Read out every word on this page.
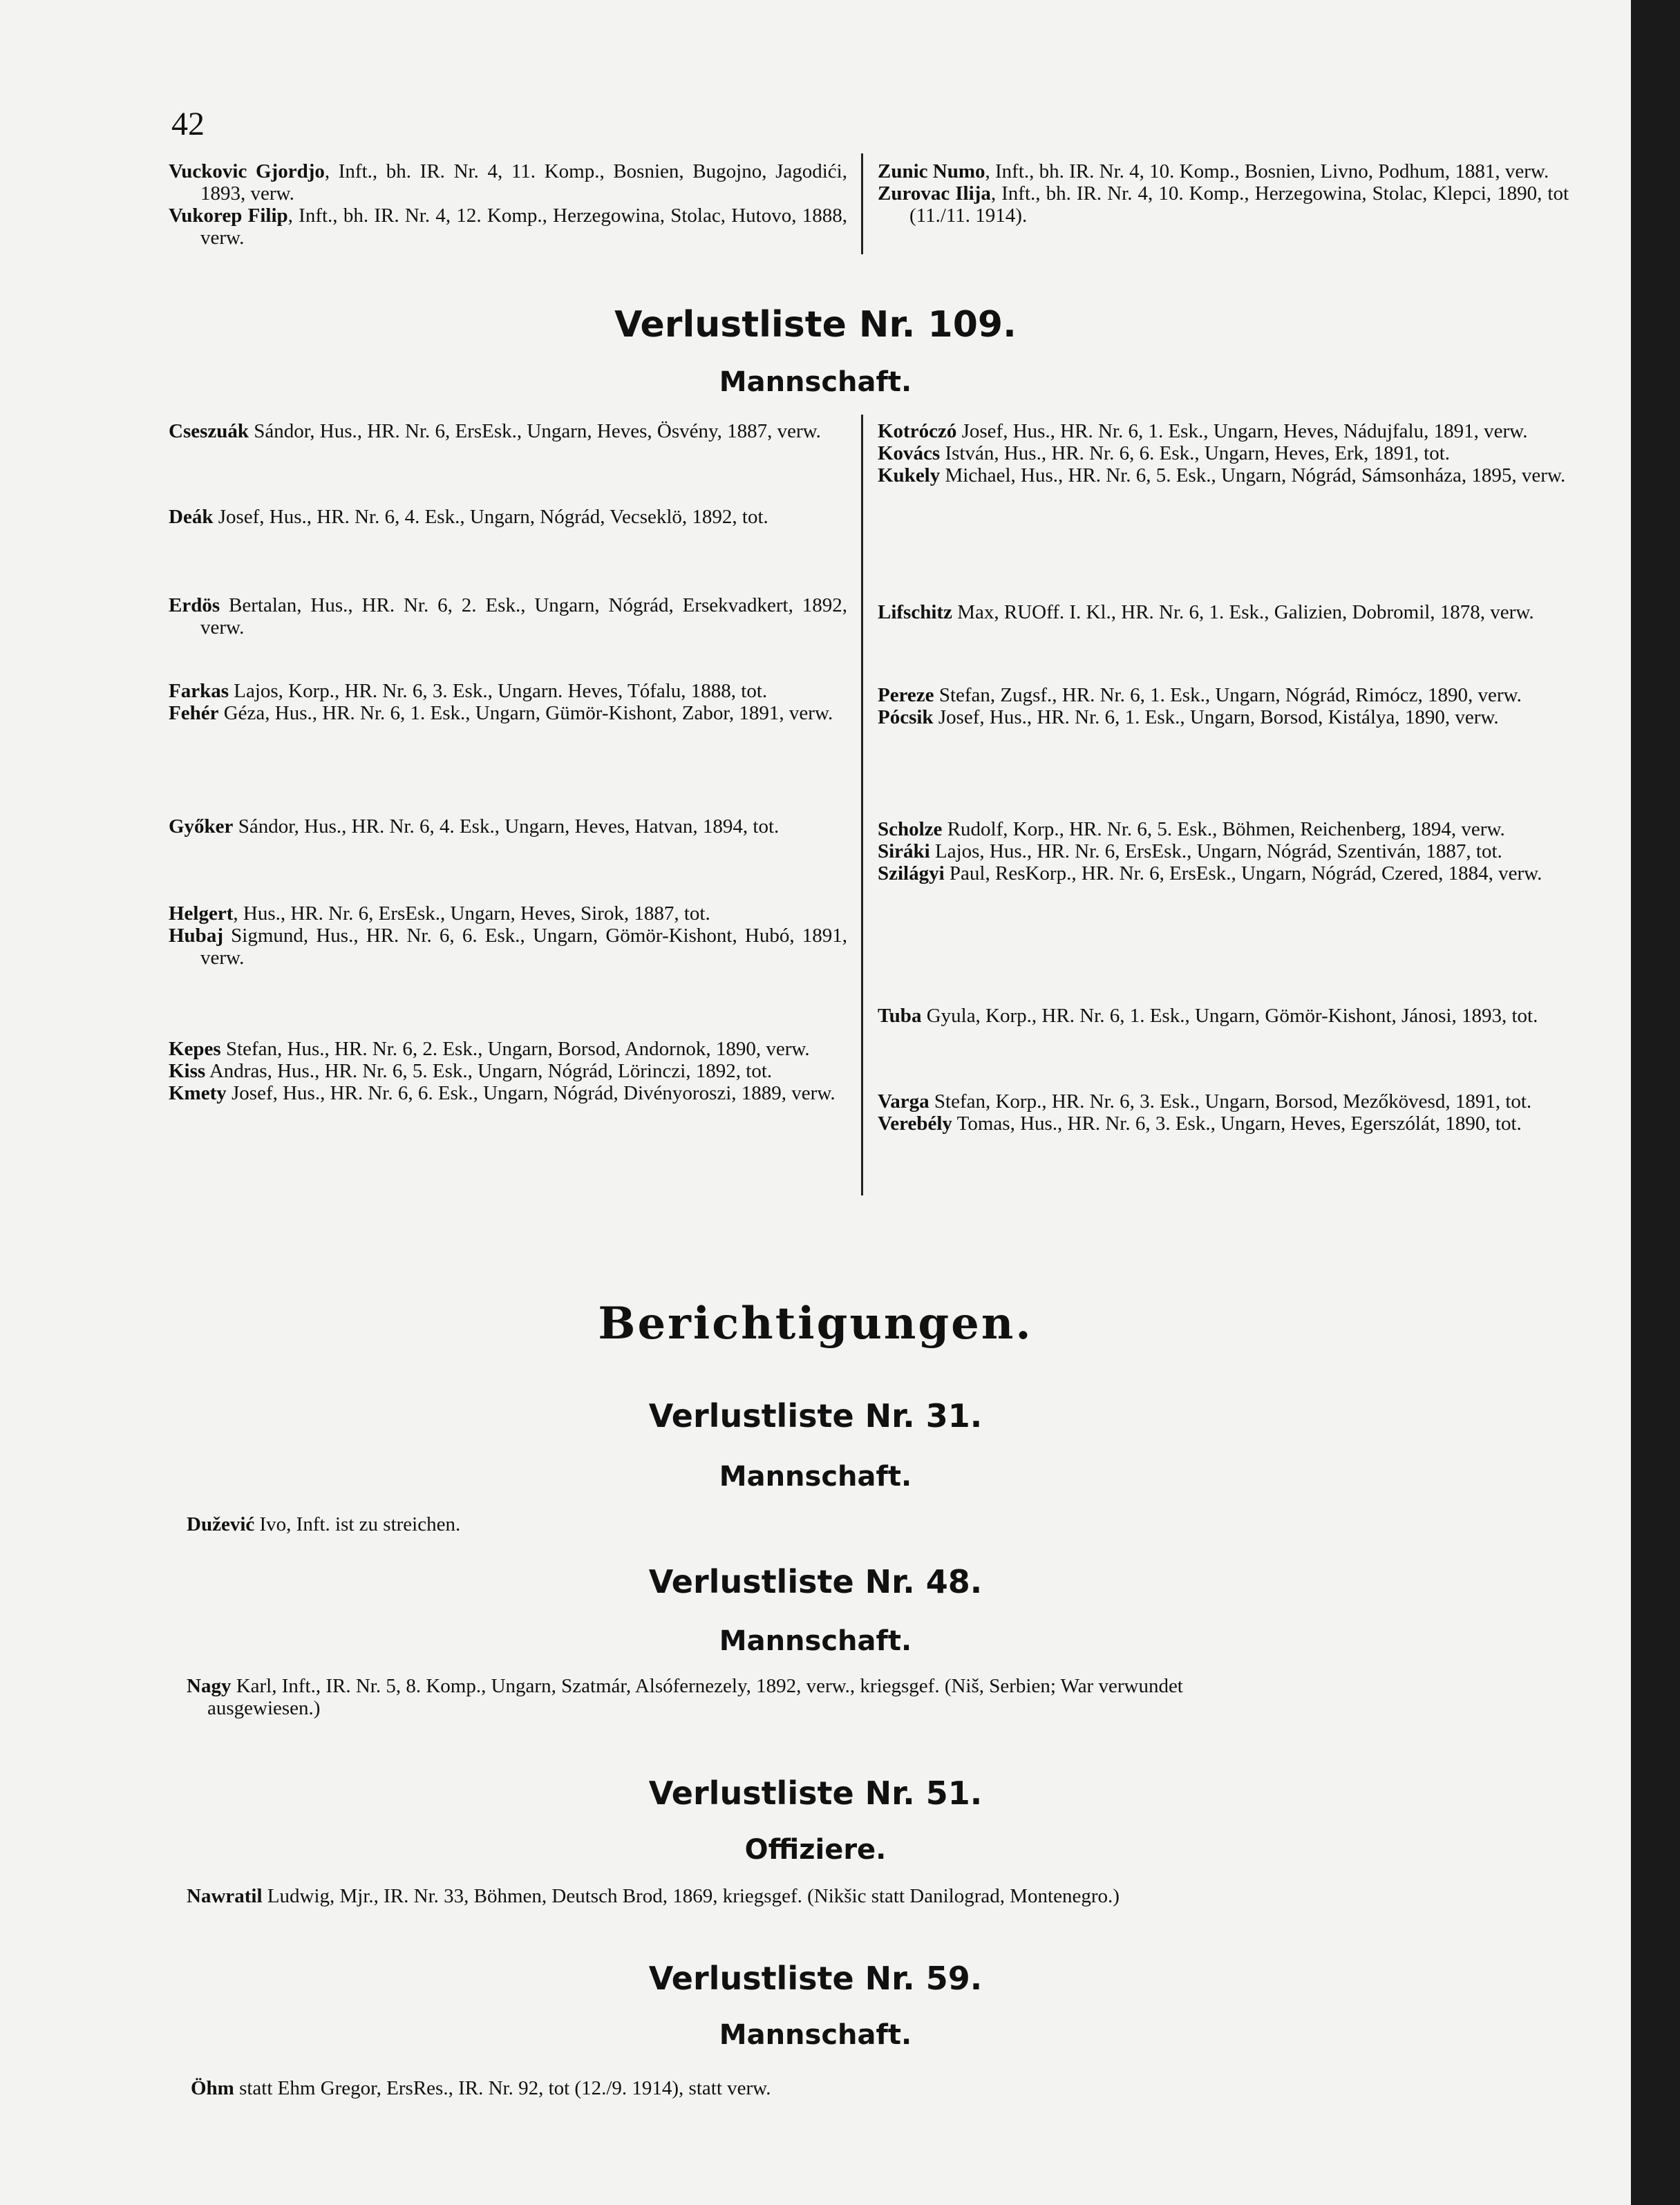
42

Vuckovic Gjordjo, Inft., bh. IR. Nr. 4, 11. Komp., Bosnien, Bugojno, Jagodići, 1893, verw.

Vukorep Filip, Inft., bh. IR. Nr. 4, 12. Komp., Herzegowina, Stolac, Hutovo, 1888, verw.

Zunic Numo, Inft., bh. IR. Nr. 4, 10. Komp., Bosnien, Livno, Podhum, 1881, verw.

Zurovac Ilija, Inft., bh. IR. Nr. 4, 10. Komp., Herzegowina, Stolac, Klepci, 1890, tot (11./11. 1914).

Verlustliste Nr. 109.
Mannschaft.

Cseszuák Sándor, Hus., HR. Nr. 6, ErsEsk., Ungarn, Heves, Ösvény, 1887, verw.

Deák Josef, Hus., HR. Nr. 6, 4. Esk., Ungarn, Nógrád, Vecseklö, 1892, tot.

Erdös Bertalan, Hus., HR. Nr. 6, 2. Esk., Ungarn, Nógrád, Ersekvadkert, 1892, verw.

Farkas Lajos, Korp., HR. Nr. 6, 3. Esk., Ungarn. Heves, Tófalu, 1888, tot.

Fehér Géza, Hus., HR. Nr. 6, 1. Esk., Ungarn, Gümör-Kishont, Zabor, 1891, verw.

Győker Sándor, Hus., HR. Nr. 6, 4. Esk., Ungarn, Heves, Hatvan, 1894, tot.

Helgert, Hus., HR. Nr. 6, ErsEsk., Ungarn, Heves, Sirok, 1887, tot.

Hubaj Sigmund, Hus., HR. Nr. 6, 6. Esk., Ungarn, Gömör-Kishont, Hubó, 1891, verw.

Kepes Stefan, Hus., HR. Nr. 6, 2. Esk., Ungarn, Borsod, Andornok, 1890, verw.

Kiss Andras, Hus., HR. Nr. 6, 5. Esk., Ungarn, Nógrád, Lörinczi, 1892, tot.

Kmety Josef, Hus., HR. Nr. 6, 6. Esk., Ungarn, Nógrád, Divényoroszi, 1889, verw.

Kotróczó Josef, Hus., HR. Nr. 6, 1. Esk., Ungarn, Heves, Nádujfalu, 1891, verw.

Kovács István, Hus., HR. Nr. 6, 6. Esk., Ungarn, Heves, Erk, 1891, tot.

Kukely Michael, Hus., HR. Nr. 6, 5. Esk., Ungarn, Nógrád, Sámsonháza, 1895, verw.

Lifschitz Max, RUOff. I. Kl., HR. Nr. 6, 1. Esk., Galizien, Dobromil, 1878, verw.

Pereze Stefan, Zugsf., HR. Nr. 6, 1. Esk., Ungarn, Nógrád, Rimócz, 1890, verw.

Pócsik Josef, Hus., HR. Nr. 6, 1. Esk., Ungarn, Borsod, Kistálya, 1890, verw.

Scholze Rudolf, Korp., HR. Nr. 6, 5. Esk., Böhmen, Reichenberg, 1894, verw.

Siráki Lajos, Hus., HR. Nr. 6, ErsEsk., Ungarn, Nógrád, Szentiván, 1887, tot.

Szilágyi Paul, ResKorp., HR. Nr. 6, ErsEsk., Ungarn, Nógrád, Czered, 1884, verw.

Tuba Gyula, Korp., HR. Nr. 6, 1. Esk., Ungarn, Gömör-Kishont, Jánosi, 1893, tot.

Varga Stefan, Korp., HR. Nr. 6, 3. Esk., Ungarn, Borsod, Mezőkövesd, 1891, tot.

Verebély Tomas, Hus., HR. Nr. 6, 3. Esk., Ungarn, Heves, Egerszólát, 1890, tot.

Berichtigungen.
Verlustliste Nr. 31.
Mannschaft.
Dužević Ivo, Inft. ist zu streichen.
Verlustliste Nr. 48.
Mannschaft.
Nagy Karl, Inft., IR. Nr. 5, 8. Komp., Ungarn, Szatmár, Alsófernezely, 1892, verw., kriegsgef. (Niš, Serbien; War verwundet
ausgewiesen.)
Verlustliste Nr. 51.
Offiziere.
Nawratil Ludwig, Mjr., IR. Nr. 33, Böhmen, Deutsch Brod, 1869, kriegsgef. (Nikšic statt Danilograd, Montenegro.)
Verlustliste Nr. 59.
Mannschaft.
Öhm statt Ehm Gregor, ErsRes., IR. Nr. 92, tot (12./9. 1914), statt verw.
